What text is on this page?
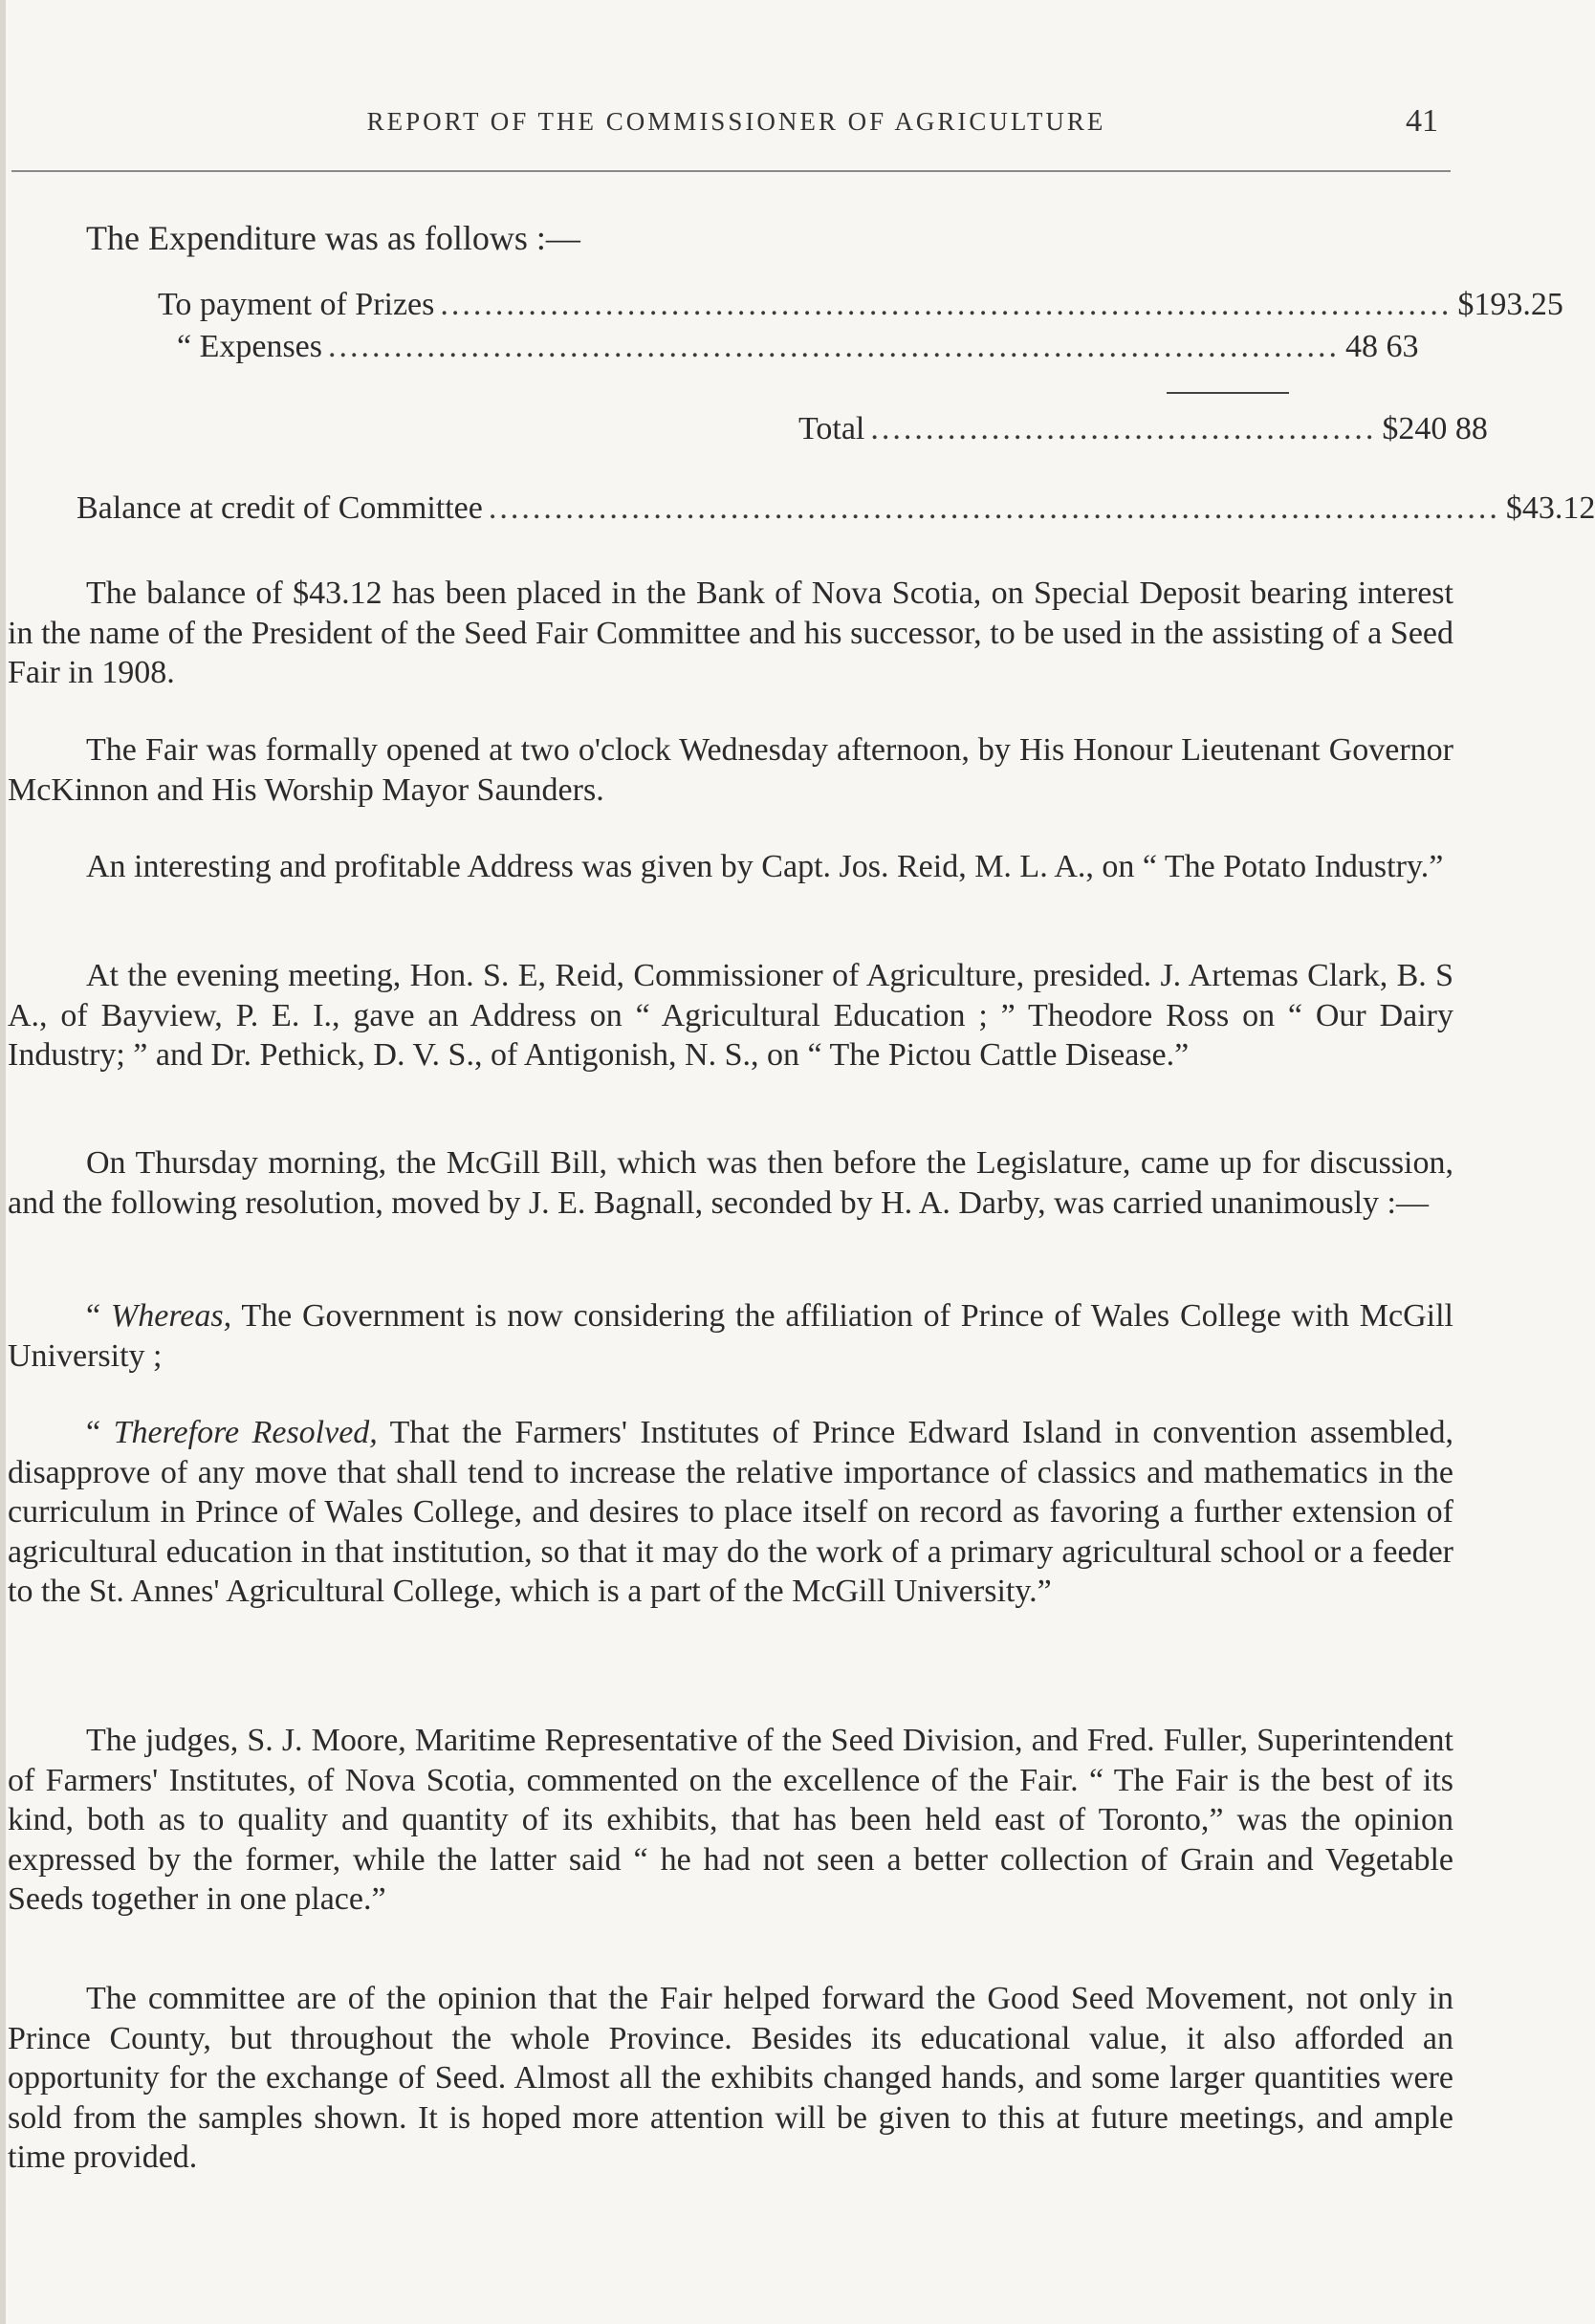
REPORT OF THE COMMISSIONER OF AGRICULTURE	41
The Expenditure was as follows :—
To payment of Prizes ............................................................................................ $193.25
“ Expenses ............................................................................................ 48 63
Total .............................................. $240 88
Balance at credit of Committee ............................................................................................ $43.12

The balance of $43.12 has been placed in the Bank of Nova Scotia, on Special Deposit bearing interest in the name of the President of the Seed Fair Committee and his successor, to be used in the assisting of a Seed Fair in 1908.

The Fair was formally opened at two o'clock Wednesday afternoon, by His Honour Lieutenant Governor McKinnon and His Worship Mayor Saunders.

An interesting and profitable Address was given by Capt. Jos. Reid, M. L. A., on “ The Potato Industry.”

At the evening meeting, Hon. S. E, Reid, Commissioner of Agriculture, presided. J. Artemas Clark, B. S A., of Bayview, P. E. I., gave an Address on “ Agricultural Education ; ” Theodore Ross on “ Our Dairy Industry; ” and Dr. Pethick, D. V. S., of Antigonish, N. S., on “ The Pictou Cattle Disease.”

On Thursday morning, the McGill Bill, which was then before the Legislature, came up for discussion, and the following resolution, moved by J. E. Bagnall, seconded by H. A. Darby, was carried unanimously :—

“ Whereas, The Government is now considering the affiliation of Prince of Wales College with McGill University ;

“ Therefore Resolved, That the Farmers' Institutes of Prince Edward Island in convention assembled, disapprove of any move that shall tend to increase the relative importance of classics and mathematics in the curriculum in Prince of Wales College, and desires to place itself on record as favoring a further extension of agricultural education in that institution, so that it may do the work of a primary agricultural school or a feeder to the St. Annes' Agricultural College, which is a part of the McGill University.”

The judges, S. J. Moore, Maritime Representative of the Seed Division, and Fred. Fuller, Superintendent of Farmers' Institutes, of Nova Scotia, commented on the excellence of the Fair. “ The Fair is the best of its kind, both as to quality and quantity of its exhibits, that has been held east of Toronto,” was the opinion expressed by the former, while the latter said “ he had not seen a better collection of Grain and Vegetable Seeds together in one place.”

The committee are of the opinion that the Fair helped forward the Good Seed Movement, not only in Prince County, but throughout the whole Province. Besides its educational value, it also afforded an opportunity for the exchange of Seed. Almost all the exhibits changed hands, and some larger quantities were sold from the samples shown. It is hoped more attention will be given to this at future meetings, and ample time provided.
